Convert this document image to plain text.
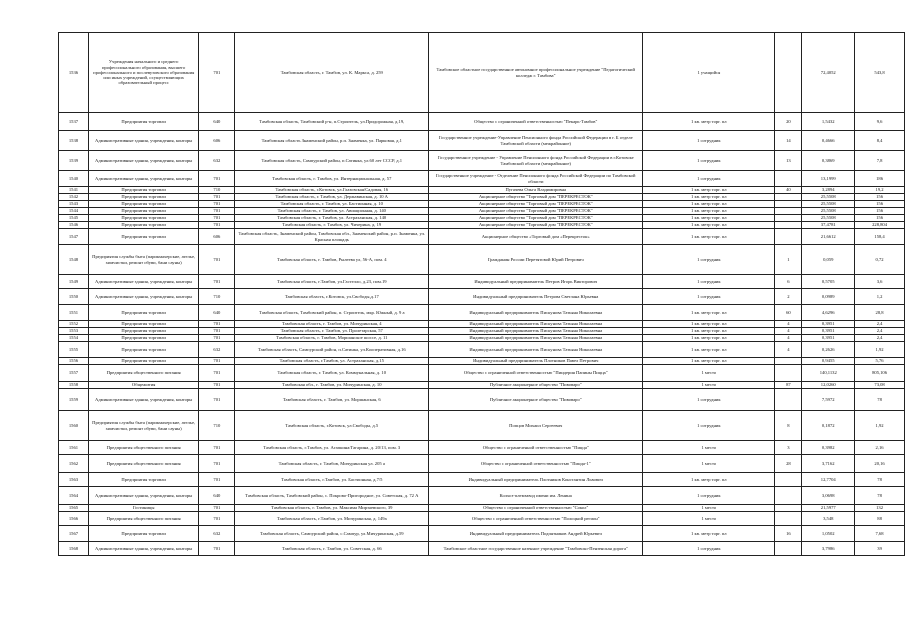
1536	Учреждения начального и среднего профессионального образования, высшего профессионального и послевузовского образования или иных учреждений, осуществляющих образовательный процесс	701	Тамбовская область, г. Тамбов, ул. К. Маркса, д. 259	Тамбовское областное государственное автономное профессиональное учреждение "Педагогический колледж г. Тамбова"	1 учащийся		72,4052	543,8
1537	Предприятия торговли	640	Тамбовская область, Тамбовский р-н, п.Строитель, ул.Придорожная, д.19,	Общество с ограниченной ответственностью "Пекарь-Тамбов"	1 кв. метр торг. пл	20	1,5432	9,6
1538	Административные здания, учреждения, конторы	606	Тамбовская область Знаменский район, р.п. Знаменка, ул. Парковая, д.1	Государственное учреждение-Управление Пенсионного фонда Российской Федерации в г. Б отделе Тамбовской области (межрайонное)	1 сотрудник	14	0,4666	8,4
1539	Административные здания, учреждения, конторы	632	Тамбовская область, Сампурский район, п.Сатинка, ул.60 лет СССР, д.1	Государственное учреждение - Управление Пенсионного фонда Российской Федерации в г.Котовске Тамбовской области (межрайонное)	1 сотрудник	13	0,3869	7,8
1540	Административные здания, учреждения, конторы	701	Тамбовская область, г. Тамбов, ул. Интернациональная, д. 57	Государственное учреждение - Отделение Пенсионного фонда Российской Федерации по Тамбовской области	1 сотрудник		13,1999	186
1541	Предприятия торговли	710	Тамбовская область, г.Котовск, ул.Глазовская/Садовая, 16	Пугачева Ольга Владимировна	1 кв. метр торг. пл	40	3,2894	19,2
1542	Предприятия торговли	701	Тамбовская область, г. Тамбов, ул. Державинская, д. 10 А	Акционерное общество "Торговый дом "ПЕРЕКРЕСТОК"	1 кв. метр торг. пл		25,5508	156
1543	Предприятия торговли	701	Тамбовская область, г. Тамбов, ул. Бастионная, д. 10	Акционерное общество "Торговый дом "ПЕРЕКРЕСТОК"	1 кв. метр торг. пл		25,5508	156
1544	Предприятия торговли	701	Тамбовская область, г. Тамбов, ул. Авиационная, д. 140	Акционерное общество "Торговый дом "ПЕРЕКРЕСТОК"	1 кв. метр торг. пл		25,5508	156
1545	Предприятия торговли	701	Тамбовская область, г. Тамбов, ул. Астраханская, д. 140	Акционерное общество "Торговый дом "ПЕРЕКРЕСТОК"	1 кв. метр торг. пл		25,5508	156
1546	Предприятия торговли	701	Тамбовская область, г. Тамбов, ул. Чичерина, д. 19	Акционерное общество "Торговый дом "ПЕРЕКРЕСТОК"	1 кв. метр торг. пл		37,4781	228,804
1547	Предприятия торговли	606	Тамбовская область, Знаменский район, Тамбовская обл., Знаменский район, р.п. Знаменка, ул. Красная площадь	Акционерное общество «Торговый дом «Перекресток»	1 кв. метр торг. пл		21,6612	158,4
1548	Предприятия службы быта (парикмахерские, ателье, химчистки, ремонт обуви, бани сауны)	701	Тамбовская область, г. Тамбов, Рылеева ул, 56-А, пом. 4	Гражданин России Перетятовой Юрий Петрович	1 сотрудник	1	0,059	0,72
1549	Административные здания, учреждения, конторы	701	Тамбовская область, г.Тамбов, ул.Гастелло, д.23, пом.19	Индивидуальный предприниматель Петров Игорь Викторович	1 сотрудник	6	0,5705	3,6
1550	Административные здания, учреждения, конторы	710	Тамбовская область, г.Котовск, ул.Свободы,д.17	Индивидуальный предприниматель Петрова Светлана Юрьевна	1 сотрудник	2	0,0989	1,2
1551	Предприятия торговли	640	Тамбовская область, Тамбовский район, п. Строитель, мкр. Южный, д. 9 а	Индивидуальный предприниматель Пискунова Татьяна Николаевна	1 кв. метр торг. пл	60	4,6296	28,8
1552	Предприятия торговли	701	Тамбовская область, г. Тамбов, ул. Мичуринская, 4	Индивидуальный предприниматель Пискунова Татьяна Николаевна	1 кв. метр торг. пл	4	0,3951	2,4
1553	Предприятия торговли	701	Тамбовская область, г. Тамбов, ул. Пролетарская, 57	Индивидуальный предприниматель Пискунова Татьяна Николаевна	1 кв. метр торг. пл	4	0,3951	2,4
1554	Предприятия торговли	701	Тамбовская область, г. Тамбов, Моршанское шоссе, д. 11	Индивидуальный предприниматель Пискунова Татьяна Николаевна	1 кв. метр торг. пл	4	0,3951	2,4
1555	Предприятия торговли	632	Тамбовская область, Сампурский район, п.Сатинка, ул.Кооперативная, д.16	Индивидуальный предприниматель Пискунова Татьяна Николаевна	1 кв. метр торг. пл	4	0,2626	1,92
1556	Предприятия торговли	701	Тамбовская область, г.Тамбов, ул. Астраханская, д.15	Индивидуальный предприниматель Плотников Павел Петрович	1 кв. метр торг. пл		0,9455	5,76
1557	Предприятия общественного питания	701	Тамбовская область, г. Тамбов, ул. Коммунальная, д. 10	Общество с ограниченной ответственностью "Пиццерия Папины Пицца"	1 место		140,1132	805,106
1558	Общежития	701	Тамбовская обл., г. Тамбов, ул. Мичуринская, д. 10	Публичное акционерное общество "Пивоваро"	1 место	87	12,0260	73,08
1559	Административные здания, учреждения, конторы	701	Тамбовская область, г. Тамбов, ул. Моршанская, 6	Публичное акционерное общество "Пивоваро"	1 сотрудник		7,5972	78
1560	Предприятия службы быта (парикмахерские, ателье, химчистки, ремонт обуви, бани сауны)	710	Тамбовская область, г.Котовск, ул.Свободы, д.5	Попцов Михаил Сергеевич	1 сотрудник	8	0,1872	1,92
1561	Предприятия общественного питания	701	Тамбовская область, г.Тамбов, ул. Агапкина/Гагарина, д. 20/13, пом. 3	Общество с ограниченной ответственностью "Пицца"	1 место	3	0,3982	2,16
1562	Предприятия общественного питания	701	Тамбовская область, г. Тамбов, Мичуринская ул. 205 а	Общество с ограниченной ответственностью "Пицца-1"	1 место	28	3,7162	20,16
1563	Предприятия торговли	701	Тамбовская область, г.Тамбов, ул. Бастионная, д.7/5	Индивидуальный предприниматель Плотников Константин Львович	1 кв. метр торг. пл		12,7704	78
1564	Административные здания, учреждения, конторы	640	Тамбовская область, Тамбовский район, с. Покрово-Пригородное, ул. Советская, д. 72 А	Колхоз-племзавод имени им. Ленина	1 сотрудник		3,0698	78
1565	Гостиницы	701	Тамбовская область, г. Тамбов, ул. Максима Мирзаевского, 39	Общество с ограниченной ответственностью "Сокол"	1 место		21,5977	132
1566	Предприятия общественного питания	701	Тамбовская область, г.Тамбов, ул. Мичуринская, д. 149а	Общество с ограниченной ответственностью "Полоцкий регион"	1 место		3,548	88
1567	Предприятия торговли	632	Тамбовская область, Сампурский район, с.Сампур, ул.Мичуринская, д.59	Индивидуальный предприниматель Подпятников Андрей Юрьевич	1 кв. метр торг. пл	16	1,0502	7,68
1568	Административные здания, учреждения, конторы	701	Тамбовская область, г. Тамбов, ул. Советская, д. 66	Тамбовское областное государственное казенное учреждение "Тамбовско-Пензенская дорога"	1 сотрудник		3,7986	39
